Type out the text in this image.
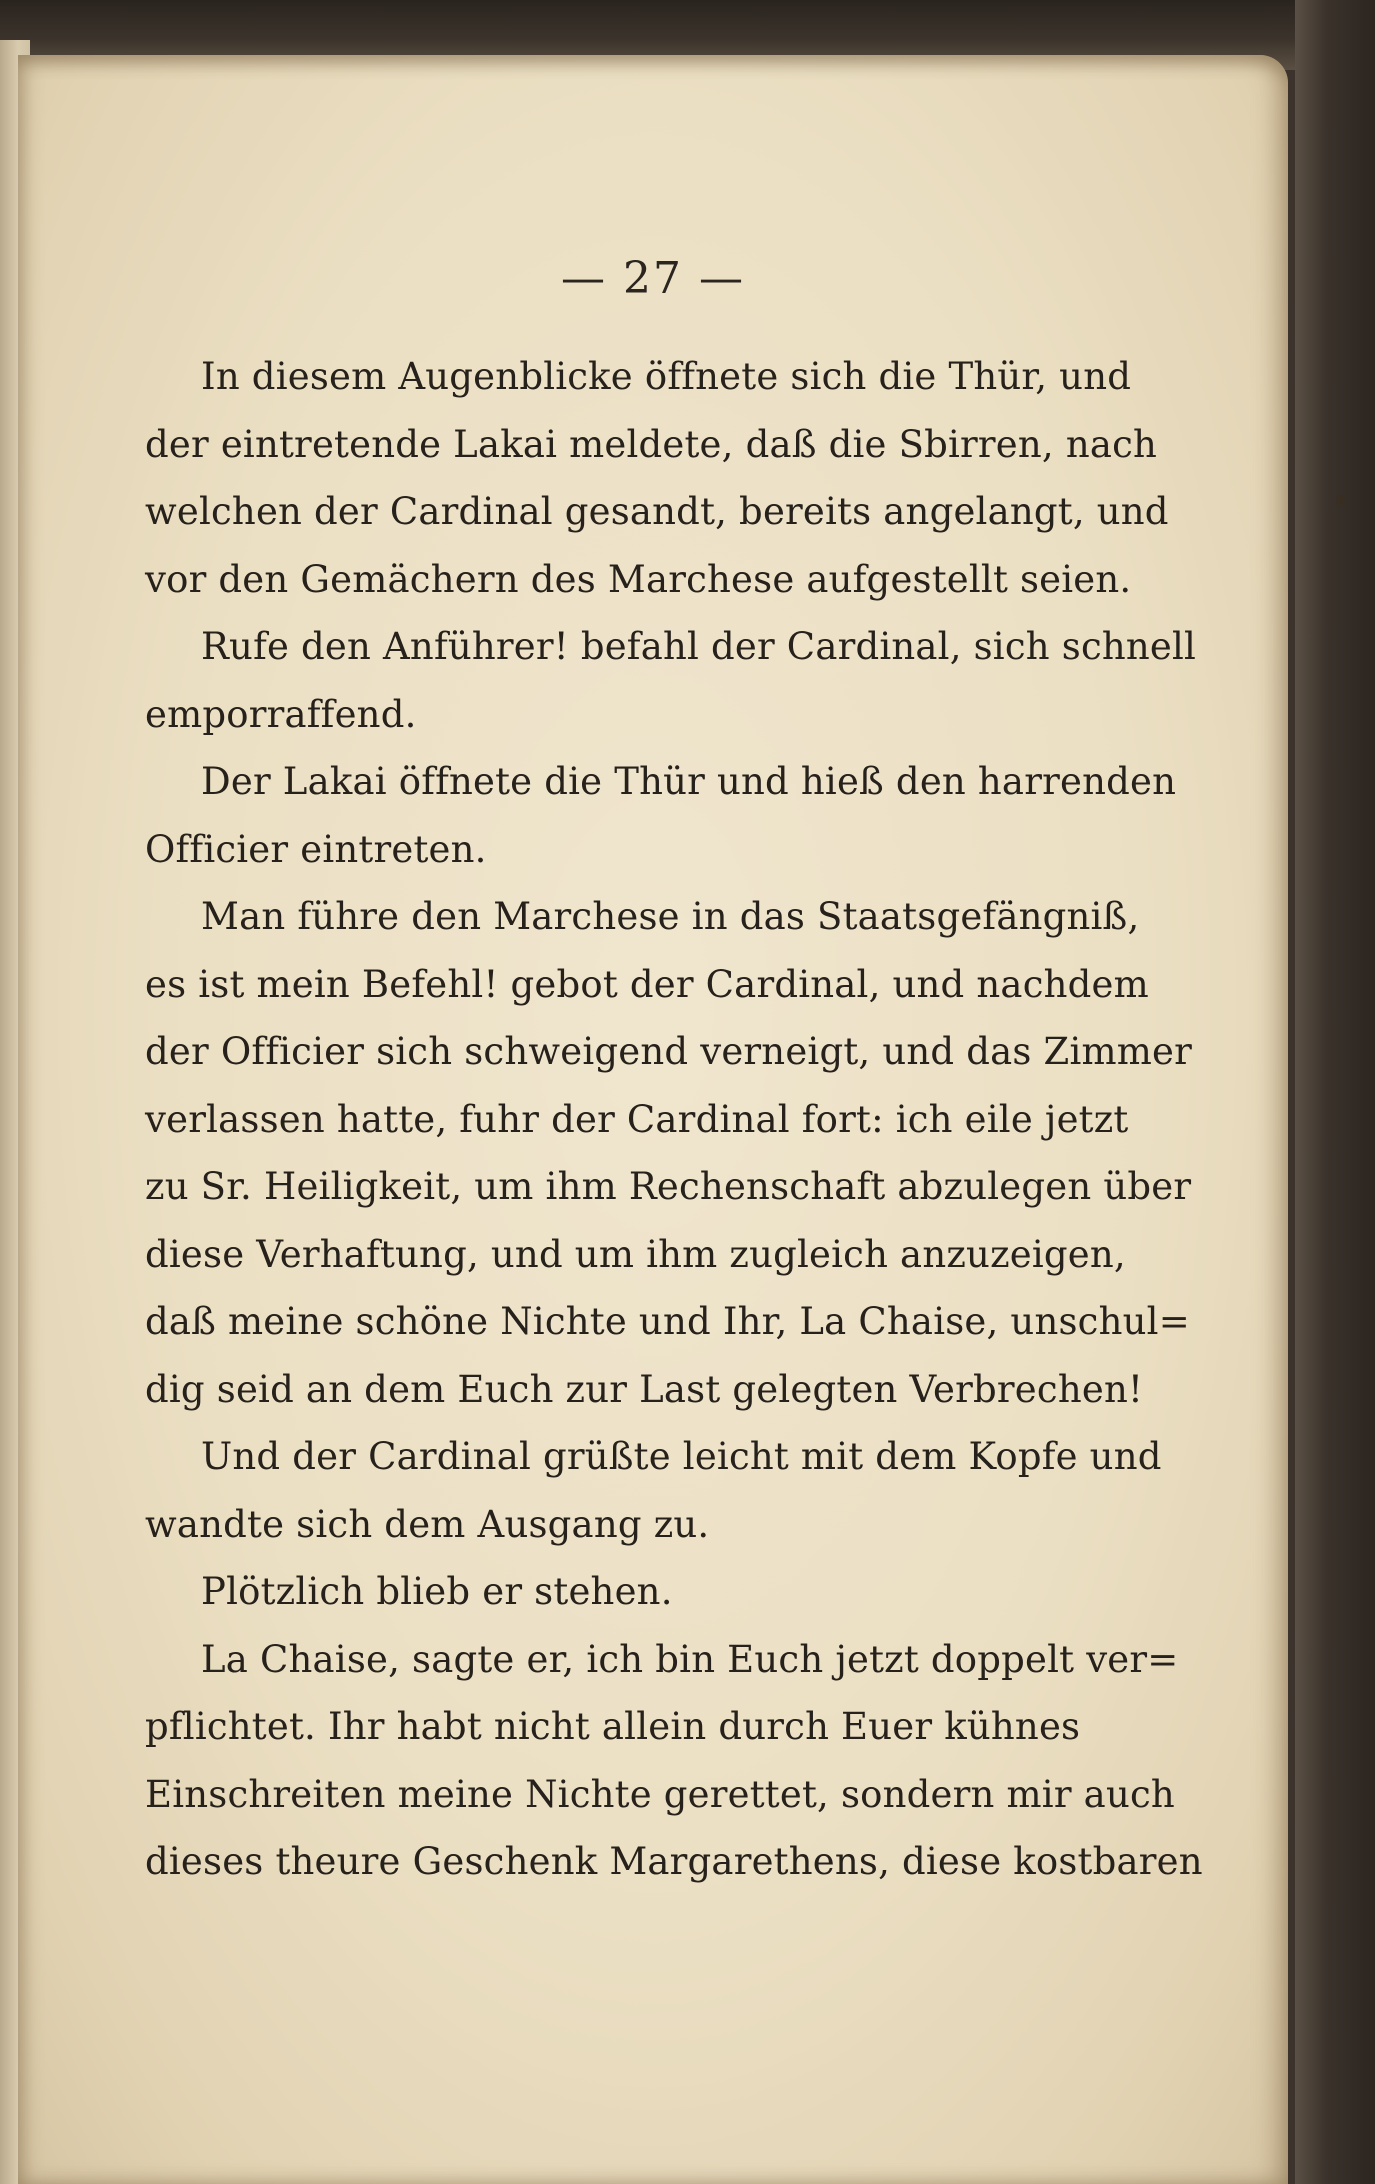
— 27 —
In diesem Augenblicke öffnete sich die Thür, und
der eintretende Lakai meldete, daß die Sbirren, nach
welchen der Cardinal gesandt, bereits angelangt, und
vor den Gemächern des Marchese aufgestellt seien.
Rufe den Anführer! befahl der Cardinal, sich schnell
emporraffend.
Der Lakai öffnete die Thür und hieß den harrenden
Officier eintreten.
Man führe den Marchese in das Staatsgefängniß,
es ist mein Befehl! gebot der Cardinal, und nachdem
der Officier sich schweigend verneigt, und das Zimmer
verlassen hatte, fuhr der Cardinal fort: ich eile jetzt
zu Sr. Heiligkeit, um ihm Rechenschaft abzulegen über
diese Verhaftung, und um ihm zugleich anzuzeigen,
daß meine schöne Nichte und Ihr, La Chaise, unschul=
dig seid an dem Euch zur Last gelegten Verbrechen!
Und der Cardinal grüßte leicht mit dem Kopfe und
wandte sich dem Ausgang zu.
Plötzlich blieb er stehen.
La Chaise, sagte er, ich bin Euch jetzt doppelt ver=
pflichtet. Ihr habt nicht allein durch Euer kühnes
Einschreiten meine Nichte gerettet, sondern mir auch
dieses theure Geschenk Margarethens, diese kostbaren
